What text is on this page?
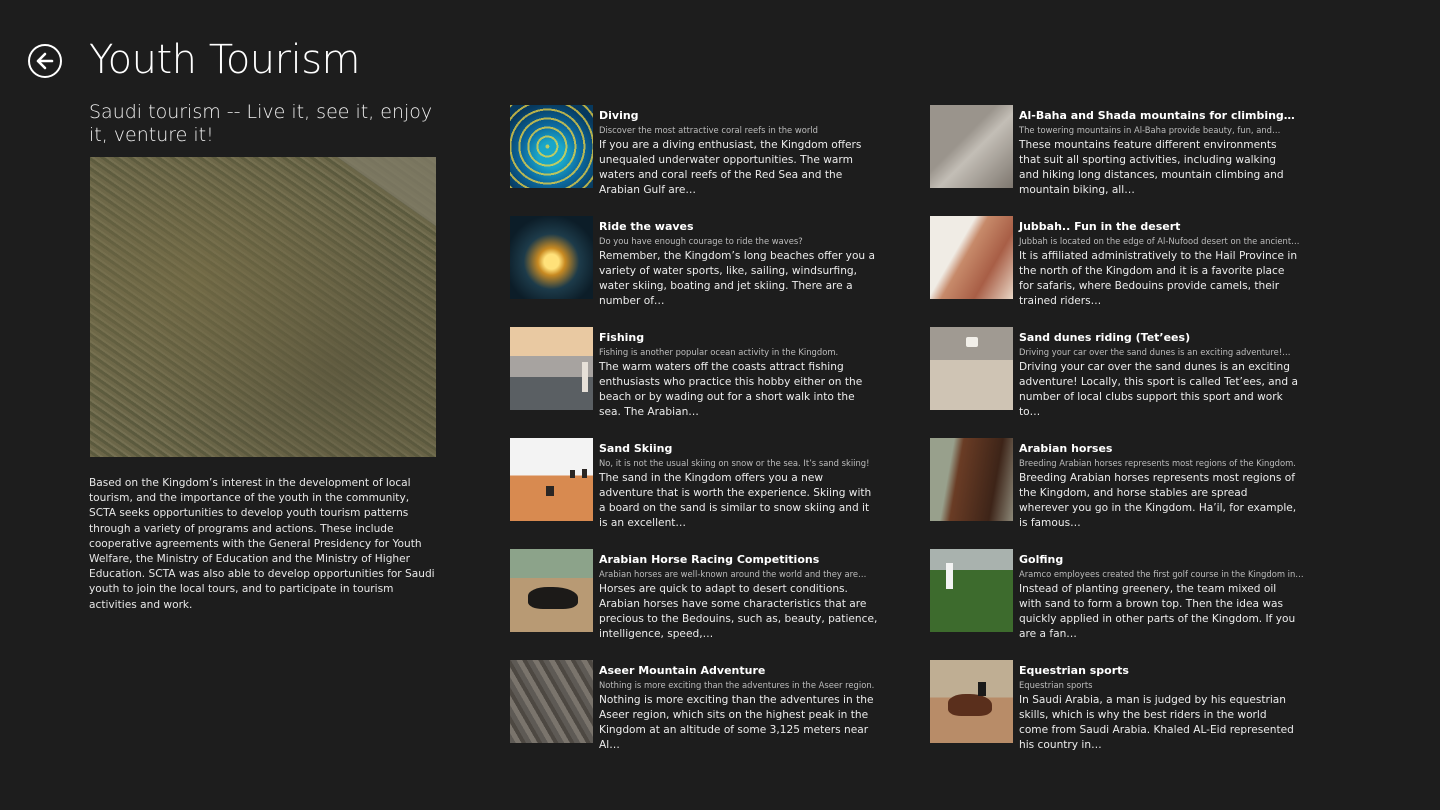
Youth Tourism
Saudi tourism -- Live it, see it, enjoy it, venture it!
Based on the Kingdom’s interest in the development of local tourism, and the importance of the youth in the community, SCTA seeks opportunities to develop youth tourism patterns through a variety of programs and actions. These include cooperative agreements with the General Presidency for Youth Welfare, the Ministry of Education and the Ministry of Higher Education. SCTA was also able to develop opportunities for Saudi youth to join the local tours, and to participate in tourism activities and work.
Diving
Discover the most attractive coral reefs in the world
If you are a diving enthusiast, the Kingdom offers unequaled underwater opportunities. The warm waters and coral reefs of the Red Sea and the Arabian Gulf are…
Ride the waves
Do you have enough courage to ride the waves?
Remember, the Kingdom’s long beaches offer you a variety of water sports, like, sailing, windsurfing, water skiing, boating and jet skiing. There are a number of…
Fishing
Fishing is another popular ocean activity in the Kingdom.
The warm waters off the coasts attract fishing enthusiasts who practice this hobby either on the beach or by wading out for a short walk into the sea. The Arabian…
Sand Skiing
No, it is not the usual skiing on snow or the sea. It’s sand skiing!
The sand in the Kingdom offers you a new adventure that is worth the experience. Skiing with a board on the sand is similar to snow skiing and it is an excellent…
Arabian Horse Racing Competitions
Arabian horses are well-known around the world and they are…
Horses are quick to adapt to desert conditions. Arabian horses have some characteristics that are precious to the Bedouins, such as, beauty, patience, intelligence, speed,…
Aseer Mountain Adventure
Nothing is more exciting than the adventures in the Aseer region.
Nothing is more exciting than the adventures in the Aseer region, which sits on the highest peak in the Kingdom at an altitude of some 3,125 meters near Al…
Al-Baha and Shada mountains for climbing…
The towering mountains in Al-Baha provide beauty, fun, and…
These mountains feature different environments that suit all sporting activities, including walking and hiking long distances, mountain climbing and mountain biking, all…
Jubbah.. Fun in the desert
Jubbah is located on the edge of Al-Nufood desert on the ancient…
It is affiliated administratively to the Hail Province in the north of the Kingdom and it is a favorite place for safaris, where Bedouins provide camels, their trained riders…
Sand dunes riding (Tet’ees)
Driving your car over the sand dunes is an exciting adventure!…
Driving your car over the sand dunes is an exciting adventure! Locally, this sport is called Tet’ees, and a number of local clubs support this sport and work to…
Arabian horses
Breeding Arabian horses represents most regions of the Kingdom.
Breeding Arabian horses represents most regions of the Kingdom, and horse stables are spread wherever you go in the Kingdom. Ha’il, for example, is famous…
Golfing
Aramco employees created the first golf course in the Kingdom in…
Instead of planting greenery, the team mixed oil with sand to form a brown top. Then the idea was quickly applied in other parts of the Kingdom. If you are a fan…
Equestrian sports
Equestrian sports
In Saudi Arabia, a man is judged by his equestrian skills, which is why the best riders in the world come from Saudi Arabia. Khaled AL-Eid represented his country in…
